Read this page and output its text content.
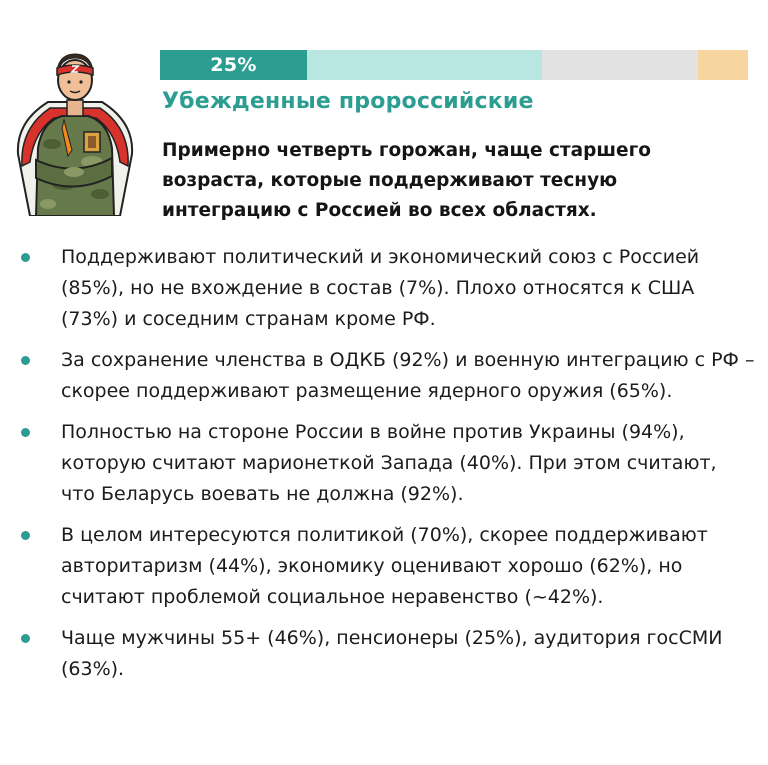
25%
Убежденные пророссийские
Примерно четверть горожан, чаще старшего возраста, которые поддерживают тесную интеграцию с Россией во всех областях.
Поддерживают политический и экономический союз с Россией (85%), но не вхождение в состав (7%). Плохо относятся к США (73%) и соседним странам кроме РФ.
За сохранение членства в ОДКБ (92%) и военную интеграцию с РФ – скорее поддерживают размещение ядерного оружия (65%).
Полностью на стороне России в войне против Украины (94%), которую считают марионеткой Запада (40%). При этом считают, что Беларусь воевать не должна (92%).
В целом интересуются политикой (70%), скорее поддерживают авторитаризм (44%), экономику оценивают хорошо (62%), но считают проблемой социальное неравенство (~42%).
Чаще мужчины 55+ (46%), пенсионеры (25%), аудитория госСМИ (63%).
